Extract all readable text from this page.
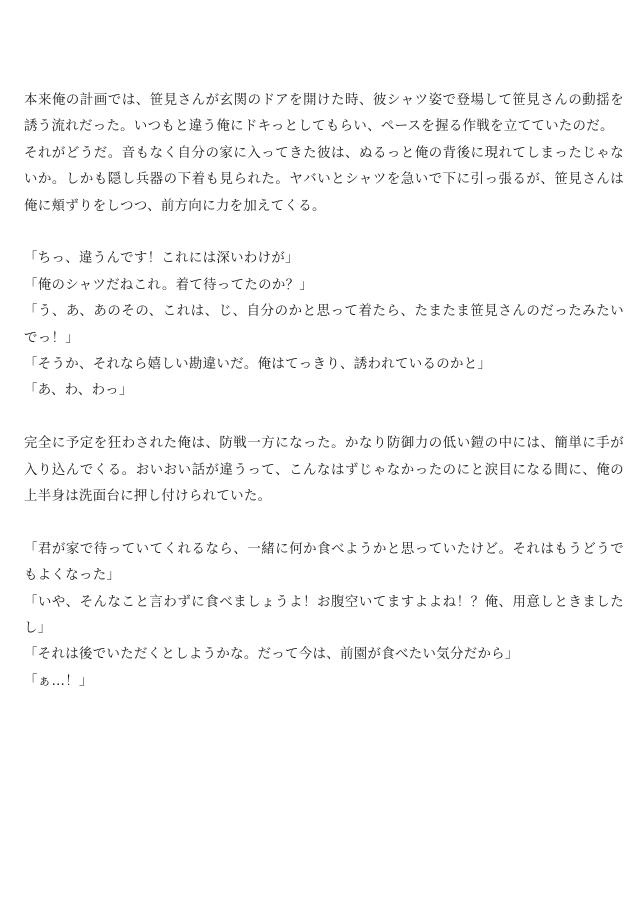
本来俺の計画では、笹見さんが玄関のドアを開けた時、彼シャツ姿で登場して笹見さんの動揺を誘う流れだった。いつもと違う俺にドキっとしてもらい、ペースを握る作戦を立てていたのだ。

それがどうだ。音もなく自分の家に入ってきた彼は、ぬるっと俺の背後に現れてしまったじゃないか。しかも隠し兵器の下着も見られた。ヤバいとシャツを急いで下に引っ張るが、笹見さんは俺に頬ずりをしつつ、前方向に力を加えてくる。

「ちっ、違うんです！これには深いわけが」

「俺のシャツだねこれ。着て待ってたのか？」

「う、あ、あのその、これは、じ、自分のかと思って着たら、たまたま笹見さんのだったみたいでっ！」

「そうか、それなら嬉しい勘違いだ。俺はてっきり、誘われているのかと」

「あ、わ、わっ」

完全に予定を狂わされた俺は、防戦一方になった。かなり防御力の低い鎧の中には、簡単に手が入り込んでくる。おいおい話が違うって、こんなはずじゃなかったのにと涙目になる間に、俺の上半身は洗面台に押し付けられていた。

「君が家で待っていてくれるなら、一緒に何か食べようかと思っていたけど。それはもうどうでもよくなった」

「いや、そんなこと言わずに食べましょうよ！お腹空いてますよよね！？俺、用意しときましたし」

「それは後でいただくとしようかな。だって今は、前園が食べたい気分だから」

「ぁ…！」
